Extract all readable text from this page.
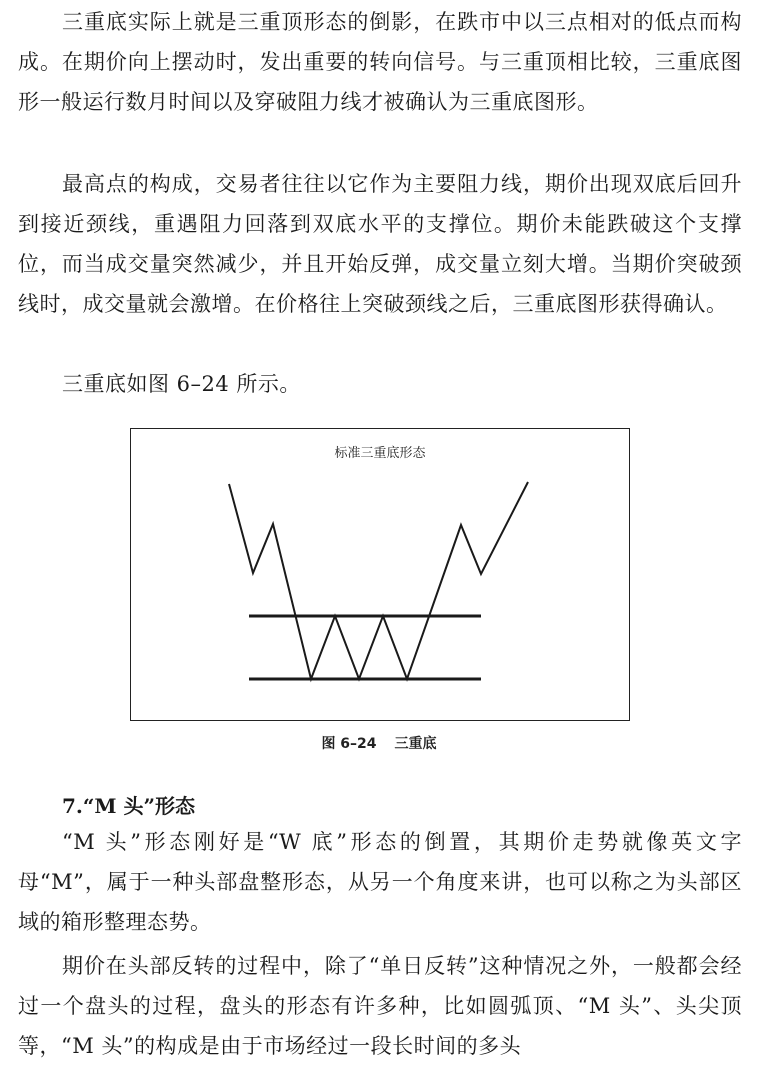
三重底实际上就是三重顶形态的倒影，在跌市中以三点相对的低点而构成。在期价向上摆动时，发出重要的转向信号。与三重顶相比较，三重底图形一般运行数月时间以及穿破阻力线才被确认为三重底图形。

最高点的构成，交易者往往以它作为主要阻力线，期价出现双底后回升到接近颈线，重遇阻力回落到双底水平的支撑位。期价未能跌破这个支撑位，而当成交量突然减少，并且开始反弹，成交量立刻大增。当期价突破颈线时，成交量就会激增。在价格往上突破颈线之后，三重底图形获得确认。

三重底如图 6–24 所示。

标准三重底形态
图 6–24 三重底
7.“M 头”形态

“M 头”形态刚好是“W 底”形态的倒置，其期价走势就像英文字母“M”，属于一种头部盘整形态，从另一个角度来讲，也可以称之为头部区域的箱形整理态势。

期价在头部反转的过程中，除了“单日反转”这种情况之外，一般都会经过一个盘头的过程，盘头的形态有许多种，比如圆弧顶、“M 头”、头尖顶等，“M 头”的构成是由于市场经过一段长时间的多头
